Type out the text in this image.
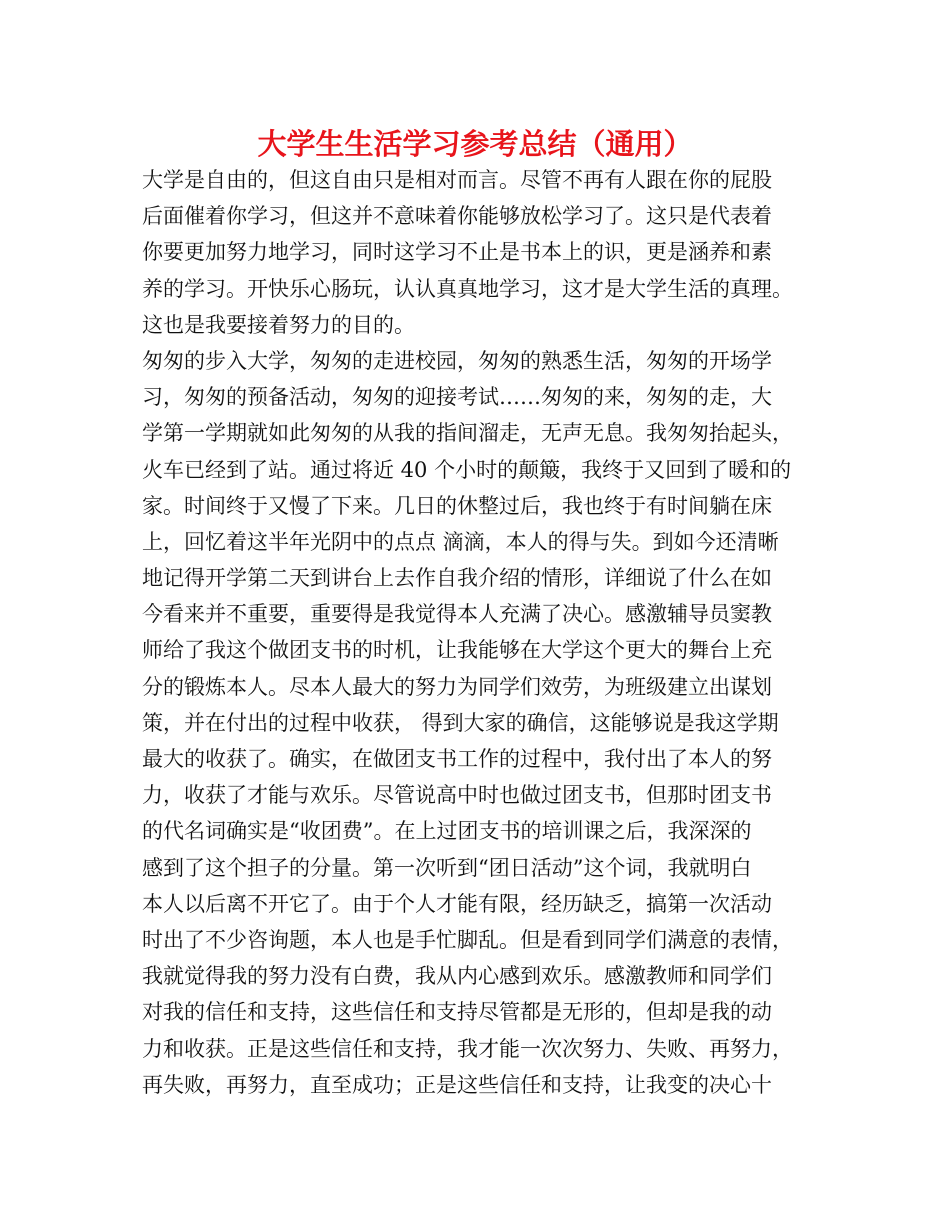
大学生生活学习参考总结（通用）
大学是自由的，但这自由只是相对而言。尽管不再有人跟在你的屁股
后面催着你学习，但这并不意味着你能够放松学习了。这只是代表着
你要更加努力地学习，同时这学习不止是书本上的识，更是涵养和素
养的学习。开快乐心肠玩，认认真真地学习，这才是大学生活的真理。
这也是我要接着努力的目的。
匆匆的步入大学，匆匆的走进校园，匆匆的熟悉生活，匆匆的开场学
习，匆匆的预备活动，匆匆的迎接考试……匆匆的来，匆匆的走，大
学第一学期就如此匆匆的从我的指间溜走，无声无息。我匆匆抬起头，
火车已经到了站。通过将近 40 个小时的颠簸，我终于又回到了暖和的
家。时间终于又慢了下来。几日的休整过后，我也终于有时间躺在床
上，回忆着这半年光阴中的点点 滴滴，本人的得与失。到如今还清晰
地记得开学第二天到讲台上去作自我介绍的情形，详细说了什么在如
今看来并不重要，重要得是我觉得本人充满了决心。感激辅导员窦教
师给了我这个做团支书的时机，让我能够在大学这个更大的舞台上充
分的锻炼本人。尽本人最大的努力为同学们效劳，为班级建立出谋划
策，并在付出的过程中收获， 得到大家的确信，这能够说是我这学期
最大的收获了。确实，在做团支书工作的过程中，我付出了本人的努
力，收获了才能与欢乐。尽管说高中时也做过团支书，但那时团支书
的代名词确实是“收团费”。在上过团支书的培训课之后，我深深的
感到了这个担子的分量。第一次听到“团日活动”这个词，我就明白
本人以后离不开它了。由于个人才能有限，经历缺乏，搞第一次活动
时出了不少咨询题，本人也是手忙脚乱。但是看到同学们满意的表情，
我就觉得我的努力没有白费，我从内心感到欢乐。感激教师和同学们
对我的信任和支持，这些信任和支持尽管都是无形的，但却是我的动
力和收获。正是这些信任和支持，我才能一次次努力、失败、再努力，
再失败，再努力，直至成功；正是这些信任和支持，让我变的决心十
